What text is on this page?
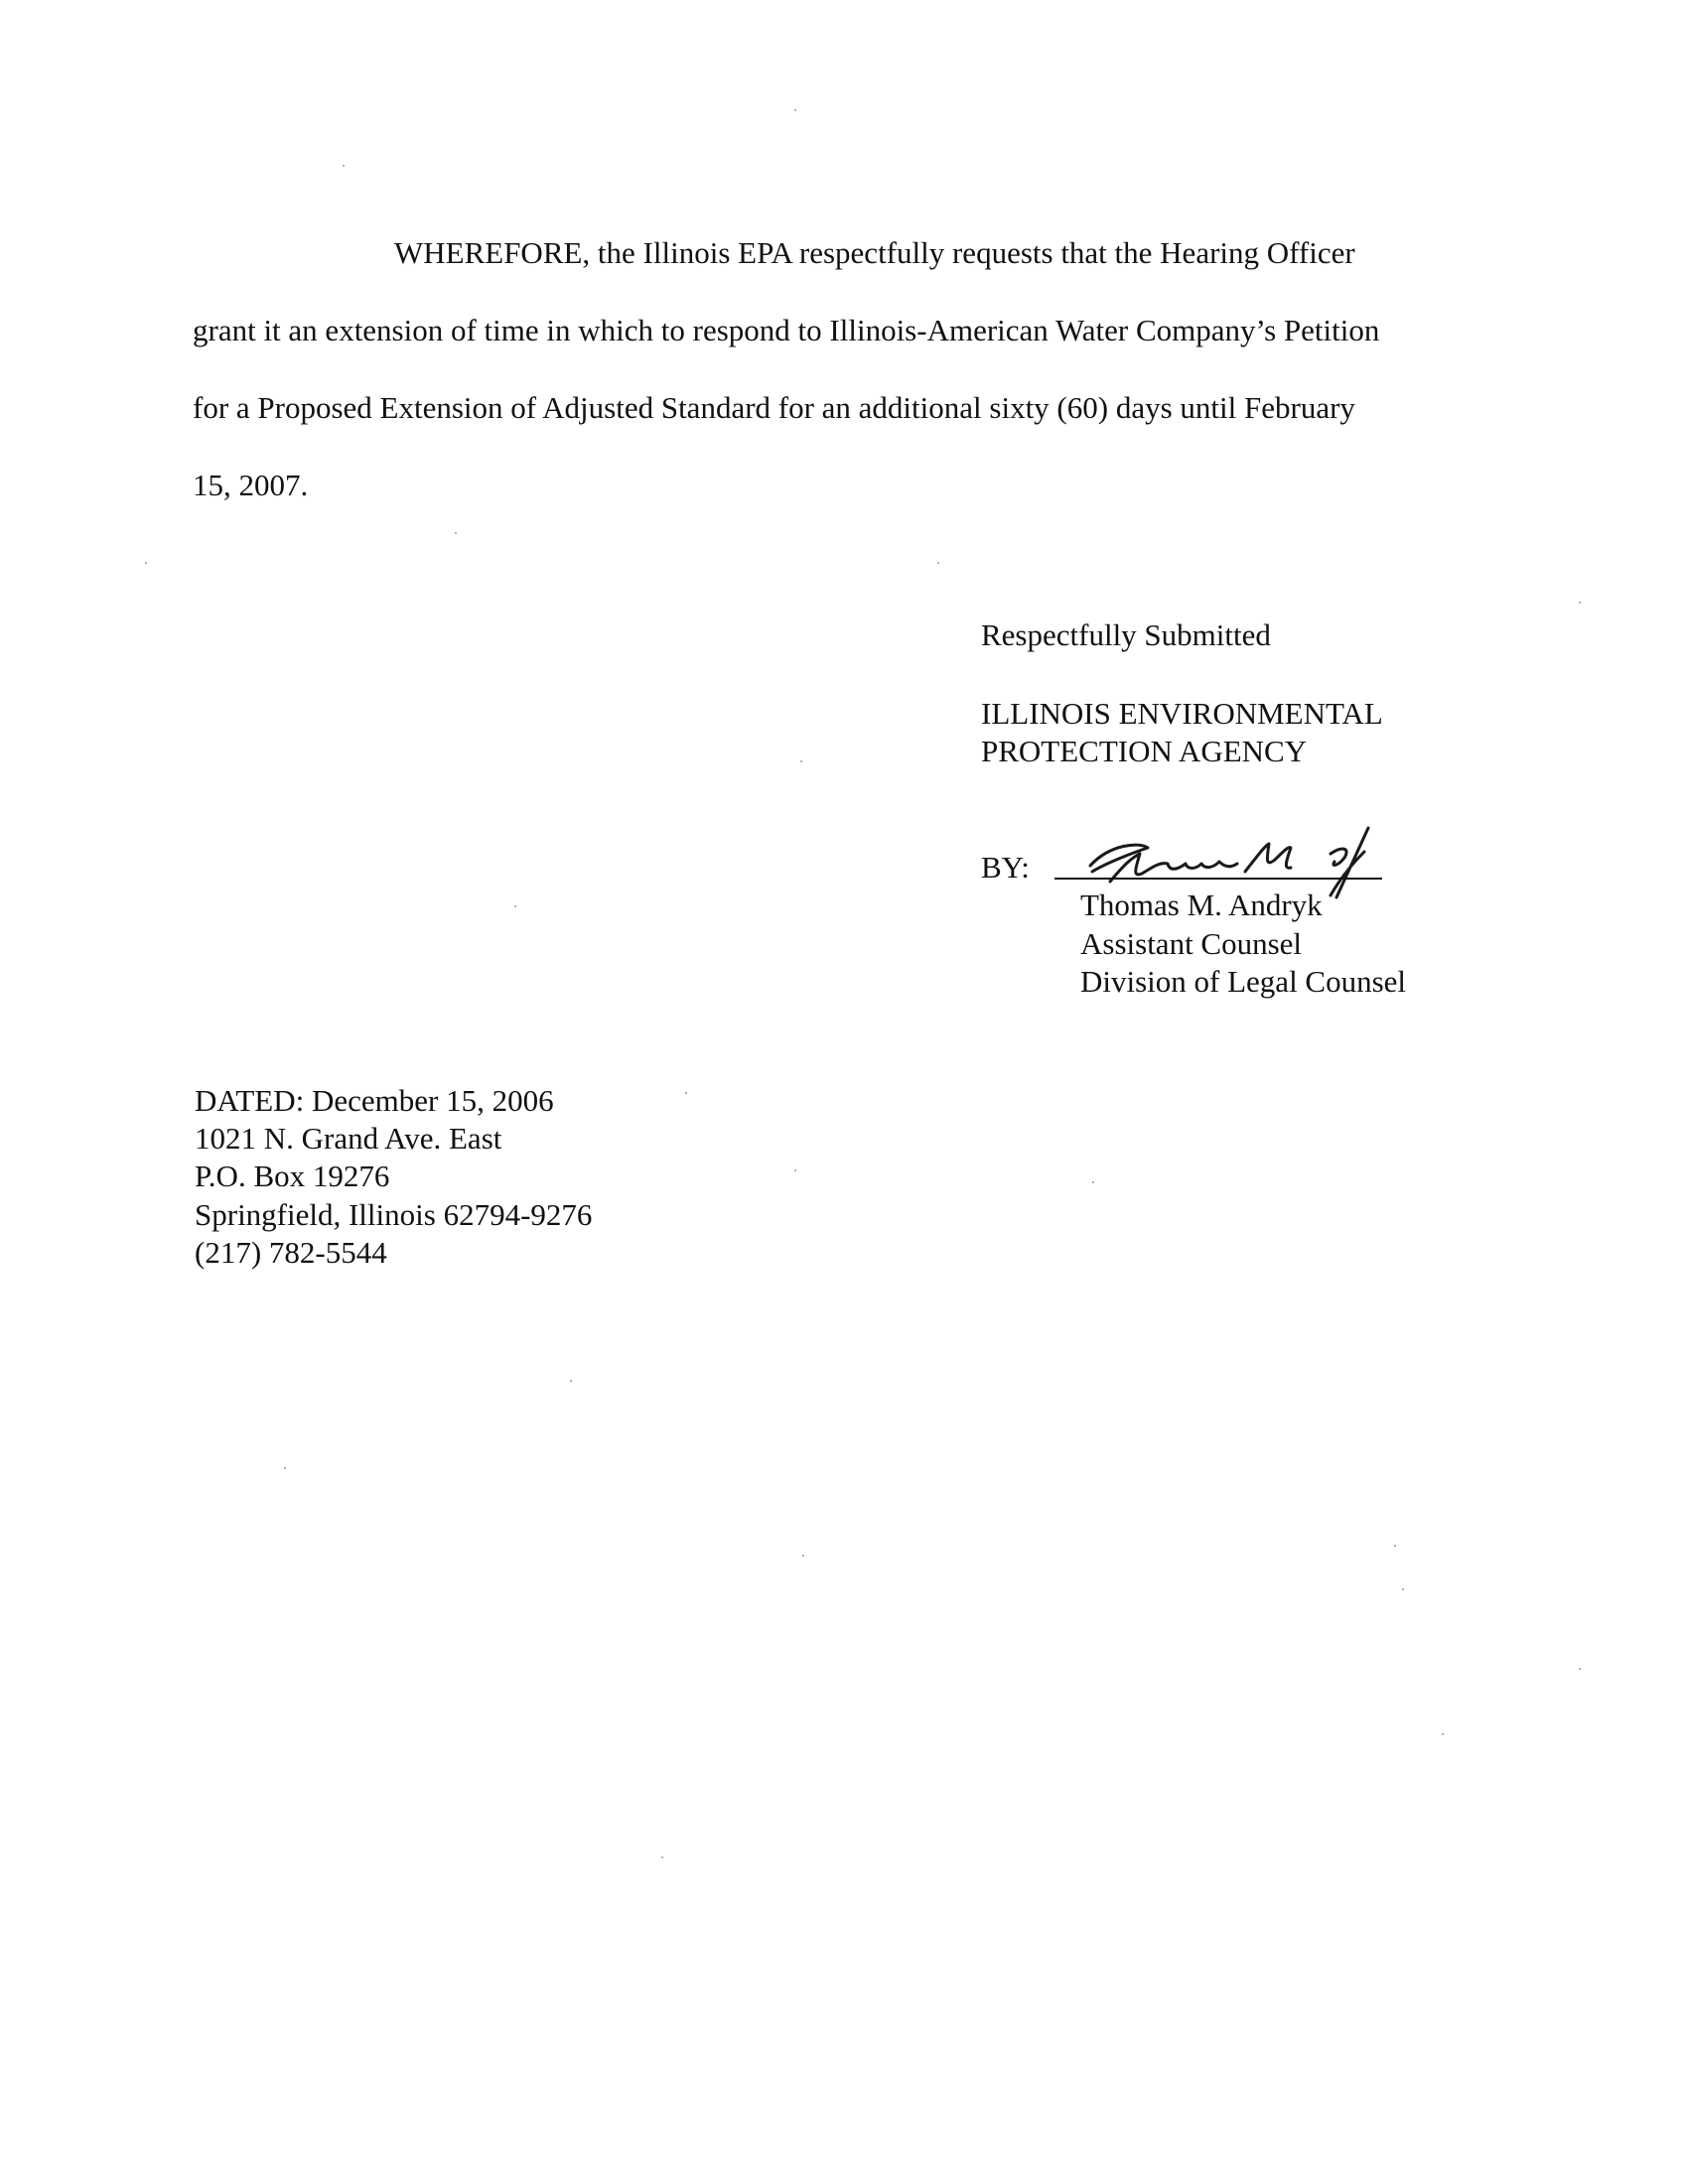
WHEREFORE, the Illinois EPA respectfully requests that the Hearing Officer
grant it an extension of time in which to respond to Illinois-American Water Company’s Petition
for a Proposed Extension of Adjusted Standard for an additional sixty (60) days until February
15, 2007.
Respectfully Submitted
ILLINOIS ENVIRONMENTAL
PROTECTION AGENCY
BY:
Thomas M. Andryk
Assistant Counsel
Division of Legal Counsel
DATED: December 15, 2006
1021 N. Grand Ave. East
P.O. Box 19276
Springfield, Illinois 62794-9276
(217) 782-5544
